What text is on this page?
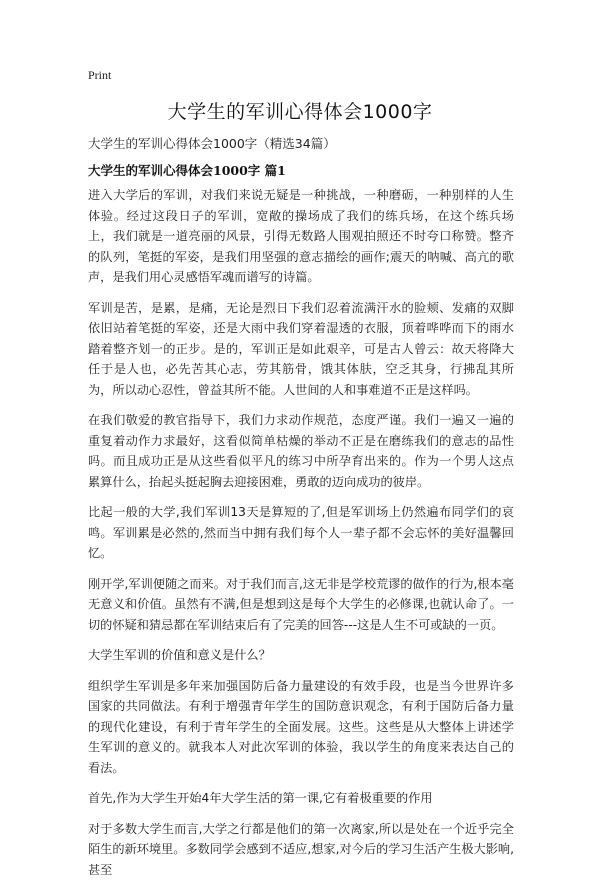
Print
大学生的军训心得体会1000字
大学生的军训心得体会1000字（精选34篇）
大学生的军训心得体会1000字 篇1

进入大学后的军训，对我们来说无疑是一种挑战，一种磨砺，一种别样的人生体验。经过这段日子的军训，宽敞的操场成了我们的练兵场，在这个练兵场上，我们就是一道亮丽的风景，引得无数路人围观拍照还不时夸口称赞。整齐的队列，笔挺的军姿，是我们用坚强的意志描绘的画作;震天的呐喊、高亢的歌声，是我们用心灵感悟军魂而谱写的诗篇。

军训是苦，是累，是痛，无论是烈日下我们忍着流满汗水的脸颊、发痛的双脚依旧站着笔挺的军姿，还是大雨中我们穿着湿透的衣服，顶着哗哗而下的雨水踏着整齐划一的正步。是的，军训正是如此艰辛，可是古人曾云：故天将降大任于是人也，必先苦其心志，劳其筋骨，饿其体肤，空乏其身，行拂乱其所为，所以动心忍性，曾益其所不能。人世间的人和事难道不正是这样吗。

在我们敬爱的教官指导下，我们力求动作规范，态度严谨。我们一遍又一遍的重复着动作力求最好，这看似简单枯燥的举动不正是在磨练我们的意志的品性吗。而且成功正是从这些看似平凡的练习中所孕育出来的。作为一个男人这点累算什么，抬起头挺起胸去迎接困难，勇敢的迈向成功的彼岸。

比起一般的大学,我们军训13天是算短的了,但是军训场上仍然遍布同学们的哀鸣。军训累是必然的,然而当中拥有我们每个人一辈子都不会忘怀的美好温馨回忆。

刚开学,军训便随之而来。对于我们而言,这无非是学校荒谬的做作的行为,根本毫无意义和价值。虽然有不满,但是想到这是每个大学生的必修课,也就认命了。一切的怀疑和猜忌都在军训结束后有了完美的回答---这是人生不可或缺的一页。

大学生军训的价值和意义是什么？

组织学生军训是多年来加强国防后备力量建设的有效手段，也是当今世界许多国家的共同做法。有利于增强青年学生的国防意识观念，有利于国防后备力量的现代化建设，有利于青年学生的全面发展。这些。这些是从大整体上讲述学生军训的意义的。就我本人对此次军训的体验，我以学生的角度来表达自己的看法。

首先,作为大学生开始4年大学生活的第一课,它有着极重要的作用

对于多数大学生而言,大学之行都是他们的第一次离家,所以是处在一个近乎完全陌生的新环境里。多数同学会感到不适应,想家,对今后的学习生活产生极大影响,甚至
